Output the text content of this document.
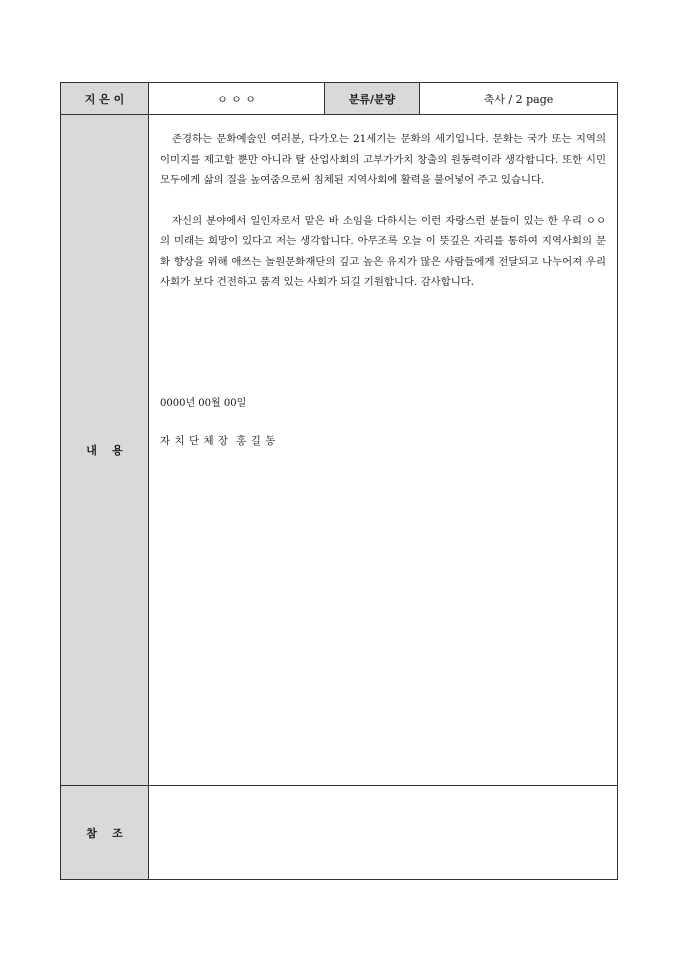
지 은 이	ㅇ ㅇ ㅇ	분류/분량	축사 / 2 page
내    용	존경하는 문화예술인 여러분, 다가오는 21세기는 문화의 세기입니다. 문화는 국가 또는 지역의 이미지를 제고할 뿐만 아니라 탈 산업사회의 고부가가치 창출의 원동력이라 생각합니다. 또한 시민 모두에게 삶의 질을 높여줌으로써 침체된 지역사회에 활력을 불어넣어 주고 있습니다.

자신의 분야에서 일인자로서 맡은 바 소임을 다하시는 이런 자랑스런 분들이 있는 한 우리 ㅇㅇ의 미래는 희망이 있다고 저는 생각합니다. 아무조록 오늘 이 뜻깊은 자리를 통하여 지역사회의 문화 향상을 위해 애쓰는 놀원문화재단의 깊고 높은 유지가 많은 사람들에게 전달되고 나누어져 우리 사회가 보다 건전하고 품격 있는 사회가 되길 기원합니다. 감사합니다.

0000년 00월 00일
자 치 단 체 장  홍 길 동		

참    조			
